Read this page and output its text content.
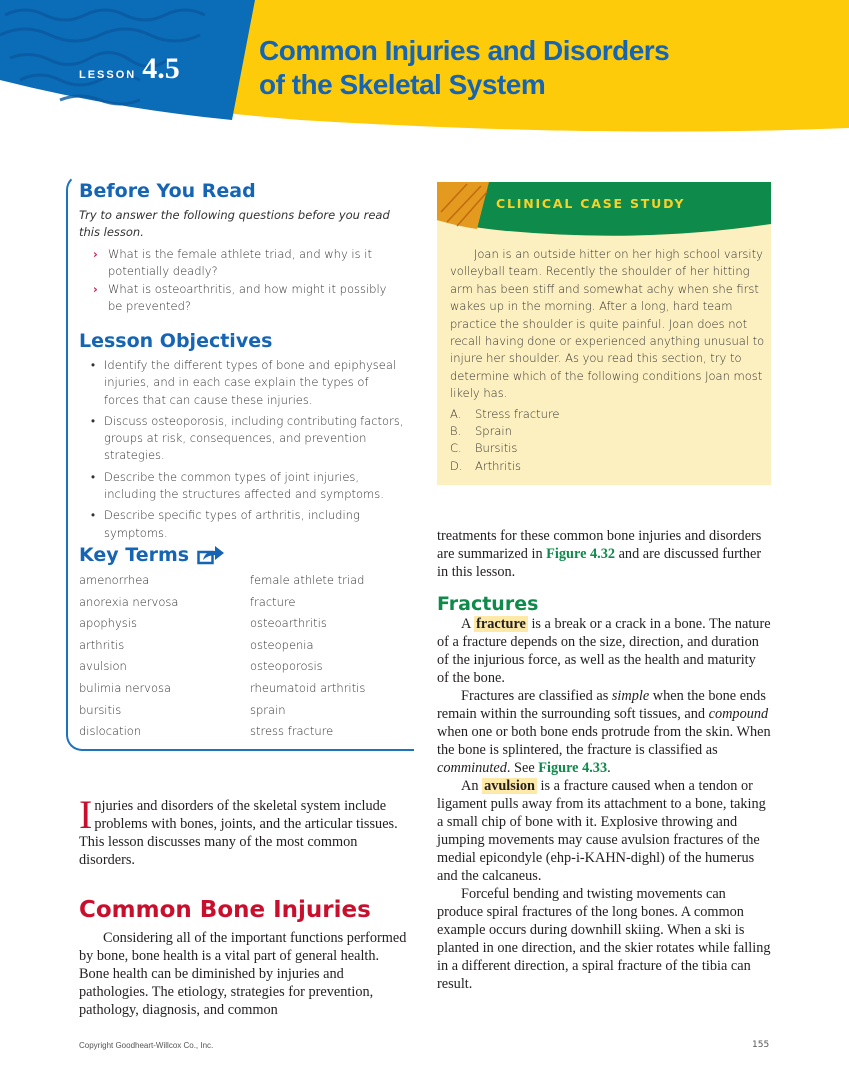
LESSON 4.5
Common Injuries and Disorders
of the Skeletal System
Before You Read
Try to answer the following questions before you read this lesson.
› What is the female athlete triad, and why is it potentially deadly?
› What is osteoarthritis, and how might it possibly be prevented?
Lesson Objectives
• Identify the different types of bone and epiphyseal injuries, and in each case explain the types of forces that can cause these injuries.
• Discuss osteoporosis, including contributing factors, groups at risk, consequences, and prevention strategies.
• Describe the common types of joint injuries, including the structures affected and symptoms.
• Describe specific types of arthritis, including symptoms.
Key Terms
amenorrhea	female athlete triad
anorexia nervosa	fracture
apophysis	osteoarthritis
arthritis	osteopenia
avulsion	osteoporosis
bulimia nervosa	rheumatoid arthritis
bursitis	sprain
dislocation	stress fracture
CLINICAL CASE STUDY

Joan is an outside hitter on her high school varsity volleyball team. Recently the shoulder of her hitting arm has been stiff and somewhat achy when she first wakes up in the morning. After a long, hard team practice the shoulder is quite painful. Joan does not recall having done or experienced anything unusual to injure her shoulder. As you read this section, try to determine which of the following conditions Joan most likely has.

A.	Stress fracture
B.	Sprain
C.	Bursitis
D.	Arthritis
Injuries and disorders of the skeletal system include problems with bones, joints, and the articular tissues. This lesson discusses many of the most common disorders.
Common Bone Injuries

Considering all of the important functions performed by bone, bone health is a vital part of general health. Bone health can be diminished by injuries and pathologies. The etiology, strategies for prevention, pathology, diagnosis, and common

treatments for these common bone injuries and disorders are summarized in Figure 4.32 and are discussed further in this lesson.
Fractures

A fracture is a break or a crack in a bone. The nature of a fracture depends on the size, direction, and duration of the injurious force, as well as the health and maturity of the bone.

Fractures are classified as simple when the bone ends remain within the surrounding soft tissues, and compound when one or both bone ends protrude from the skin. When the bone is splintered, the fracture is classified as comminuted. See Figure 4.33.

An avulsion is a fracture caused when a tendon or ligament pulls away from its attachment to a bone, taking a small chip of bone with it. Explosive throwing and jumping movements may cause avulsion fractures of the medial epicondyle (ehp-i-KAHN-dighl) of the humerus and the calcaneus.

Forceful bending and twisting movements can produce spiral fractures of the long bones. A common example occurs during downhill skiing. When a ski is planted in one direction, and the skier rotates while falling in a different direction, a spiral fracture of the tibia can result.

Copyright Goodheart-Willcox Co., Inc.	155
